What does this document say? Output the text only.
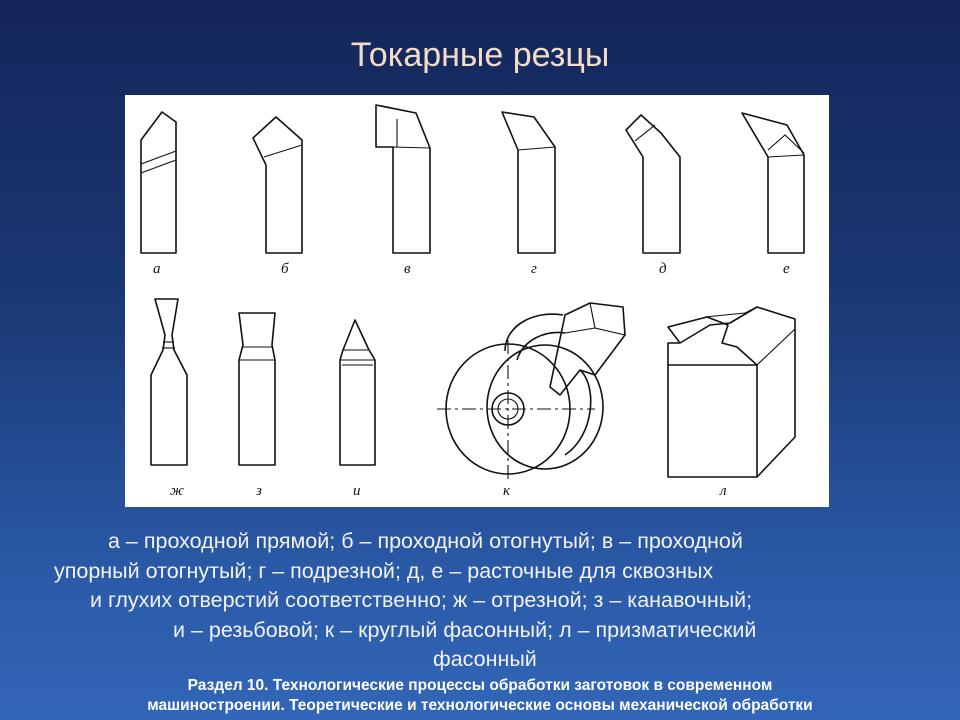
Токарные резцы
а	б	в	г	д	е
ж	з	и	к	л
а – проходной прямой; б – проходной отогнутый; в – проходной
упорный отогнутый; г – подрезной; д, е – расточные для сквозных
и глухих отверстий соответственно; ж – отрезной; з – канавочный;
и – резьбовой; к – круглый фасонный; л – призматический
фасонный
Раздел 10. Технологические процессы обработки заготовок в современном
машиностроении. Теоретические и технологические основы механической обработки
